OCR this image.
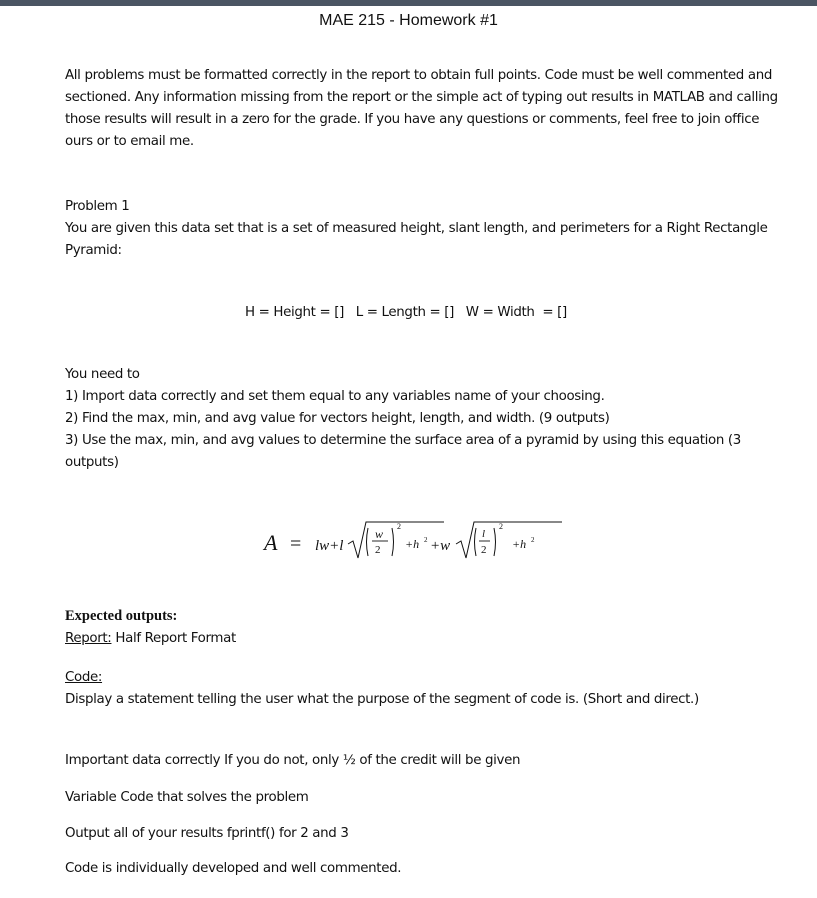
MAE 215 - Homework #1
All problems must be formatted correctly in the report to obtain full points. Code must be well commented and sectioned. Any information missing from the report or the simple act of typing out results in MATLAB and calling those results will result in a zero for the grade. If you have any questions or comments, feel free to join office ours or to email me.
Problem 1
You are given this data set that is a set of measured height, slant length, and perimeters for a Right Rectangle Pyramid:
H = Height = [] L = Length = [] W = Width  = []
You need to
1) Import data correctly and set them equal to any variables name of your choosing.
2) Find the max, min, and avg value for vectors height, length, and width. (9 outputs)
3) Use the max, min, and avg values to determine the surface area of a pyramid by using this equation (3 outputs)
A = lw+l
w
2
2
+h 2 +w
l
2
2
+h 2
Expected outputs:
Report: Half Report Format
Code:
Display a statement telling the user what the purpose of the segment of code is. (Short and direct.)
Important data correctly If you do not, only ½ of the credit will be given
Variable Code that solves the problem
Output all of your results fprintf() for 2 and 3
Code is individually developed and well commented.
